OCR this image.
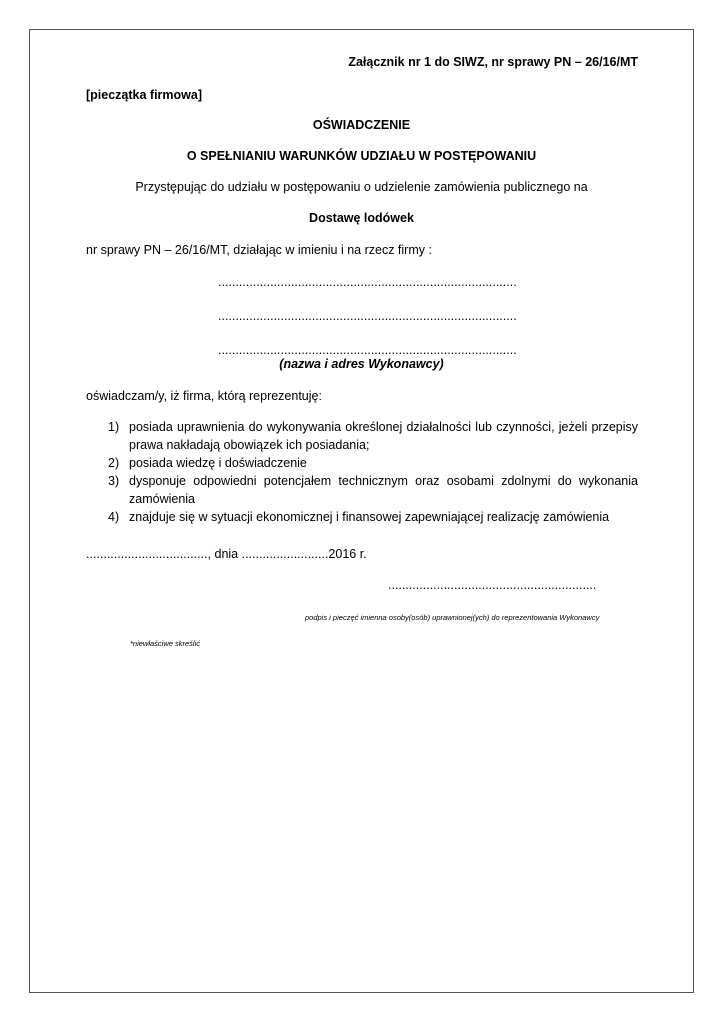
Załącznik nr 1 do SIWZ, nr sprawy PN – 26/16/MT
[pieczątka firmowa]
OŚWIADCZENIE
O SPEŁNIANIU WARUNKÓW UDZIAŁU W POSTĘPOWANIU
Przystępując do udziału w postępowaniu o udzielenie zamówienia publicznego na
Dostawę lodówek
nr sprawy PN – 26/16/MT, działając w imieniu i na rzecz firmy :
......................................................................................
......................................................................................
......................................................................................
(nazwa i adres Wykonawcy)
oświadczam/y, iż firma, którą reprezentuję:
1) posiada uprawnienia do wykonywania określonej działalności lub czynności, jeżeli przepisy prawa nakładają obowiązek ich posiadania;
2) posiada wiedzę i doświadczenie
3) dysponuje odpowiedni potencjałem technicznym oraz osobami zdolnymi do wykonania zamówienia
4) znajduje się w sytuacji ekonomicznej i finansowej zapewniającej realizację zamówienia
..................................., dnia .........................2016 r.
............................................................
podpis i pieczęć imienna osoby(osób) uprawnionej(ych) do reprezentowania Wykonawcy
*niewłaściwe skreślić
